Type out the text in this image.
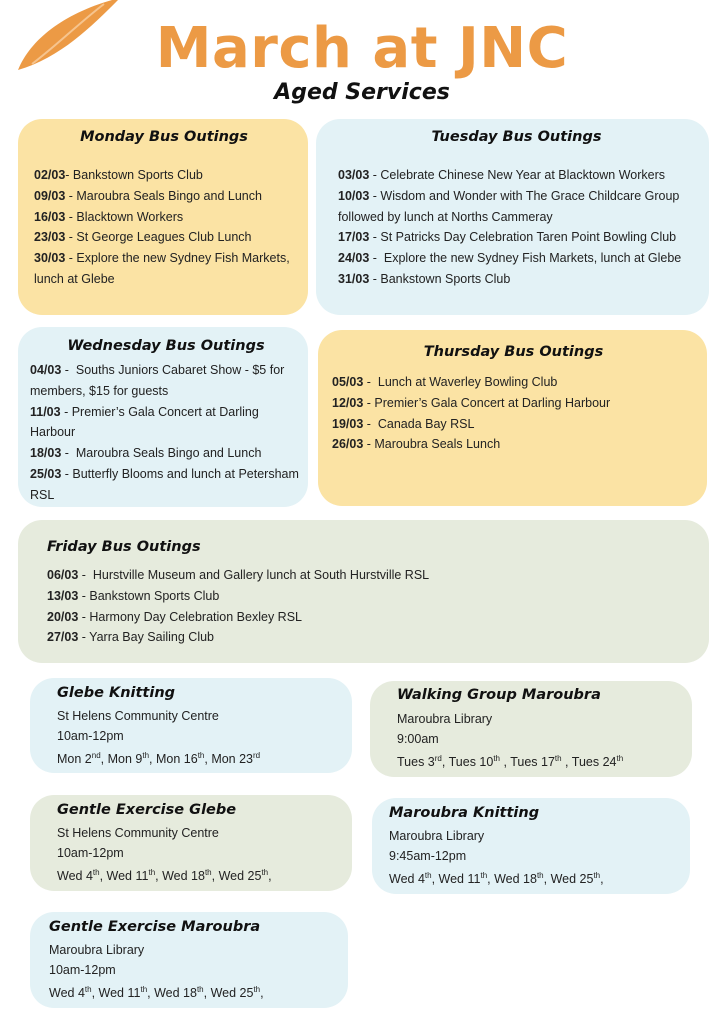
March at JNC
Aged Services
Monday Bus Outings
02/03- Bankstown Sports Club
09/03 - Maroubra Seals Bingo and Lunch
16/03 - Blacktown Workers
23/03 - St George Leagues Club Lunch
30/03 - Explore the new Sydney Fish Markets, lunch at Glebe
Tuesday Bus Outings
03/03 - Celebrate Chinese New Year at Blacktown Workers
10/03 - Wisdom and Wonder with The Grace Childcare Group followed by lunch at Norths Cammeray
17/03 - St Patricks Day Celebration Taren Point Bowling Club
24/03 -  Explore the new Sydney Fish Markets, lunch at Glebe
31/03 - Bankstown Sports Club
Wednesday Bus Outings
04/03 -  Souths Juniors Cabaret Show - $5 for members, $15 for guests
11/03 - Premier’s Gala Concert at Darling Harbour
18/03 -  Maroubra Seals Bingo and Lunch
25/03 - Butterfly Blooms and lunch at Petersham RSL
Thursday Bus Outings
05/03 -  Lunch at Waverley Bowling Club
12/03 - Premier’s Gala Concert at Darling Harbour
19/03 -  Canada Bay RSL
26/03 - Maroubra Seals Lunch
Friday Bus Outings
06/03 -  Hurstville Museum and Gallery lunch at South Hurstville RSL
13/03 - Bankstown Sports Club
20/03 - Harmony Day Celebration Bexley RSL
27/03 - Yarra Bay Sailing Club
Glebe Knitting
St Helens Community Centre
10am-12pm
Mon 2nd, Mon 9th, Mon 16th, Mon 23rd
Walking Group Maroubra
Maroubra Library
9:00am
Tues 3rd, Tues 10th , Tues 17th , Tues 24th
Gentle Exercise Glebe
St Helens Community Centre
10am-12pm
Wed 4th, Wed 11th, Wed 18th, Wed 25th,
Maroubra Knitting
Maroubra Library
9:45am-12pm
Wed 4th, Wed 11th, Wed 18th, Wed 25th,
Gentle Exercise Maroubra
Maroubra Library
10am-12pm
Wed 4th, Wed 11th, Wed 18th, Wed 25th,
